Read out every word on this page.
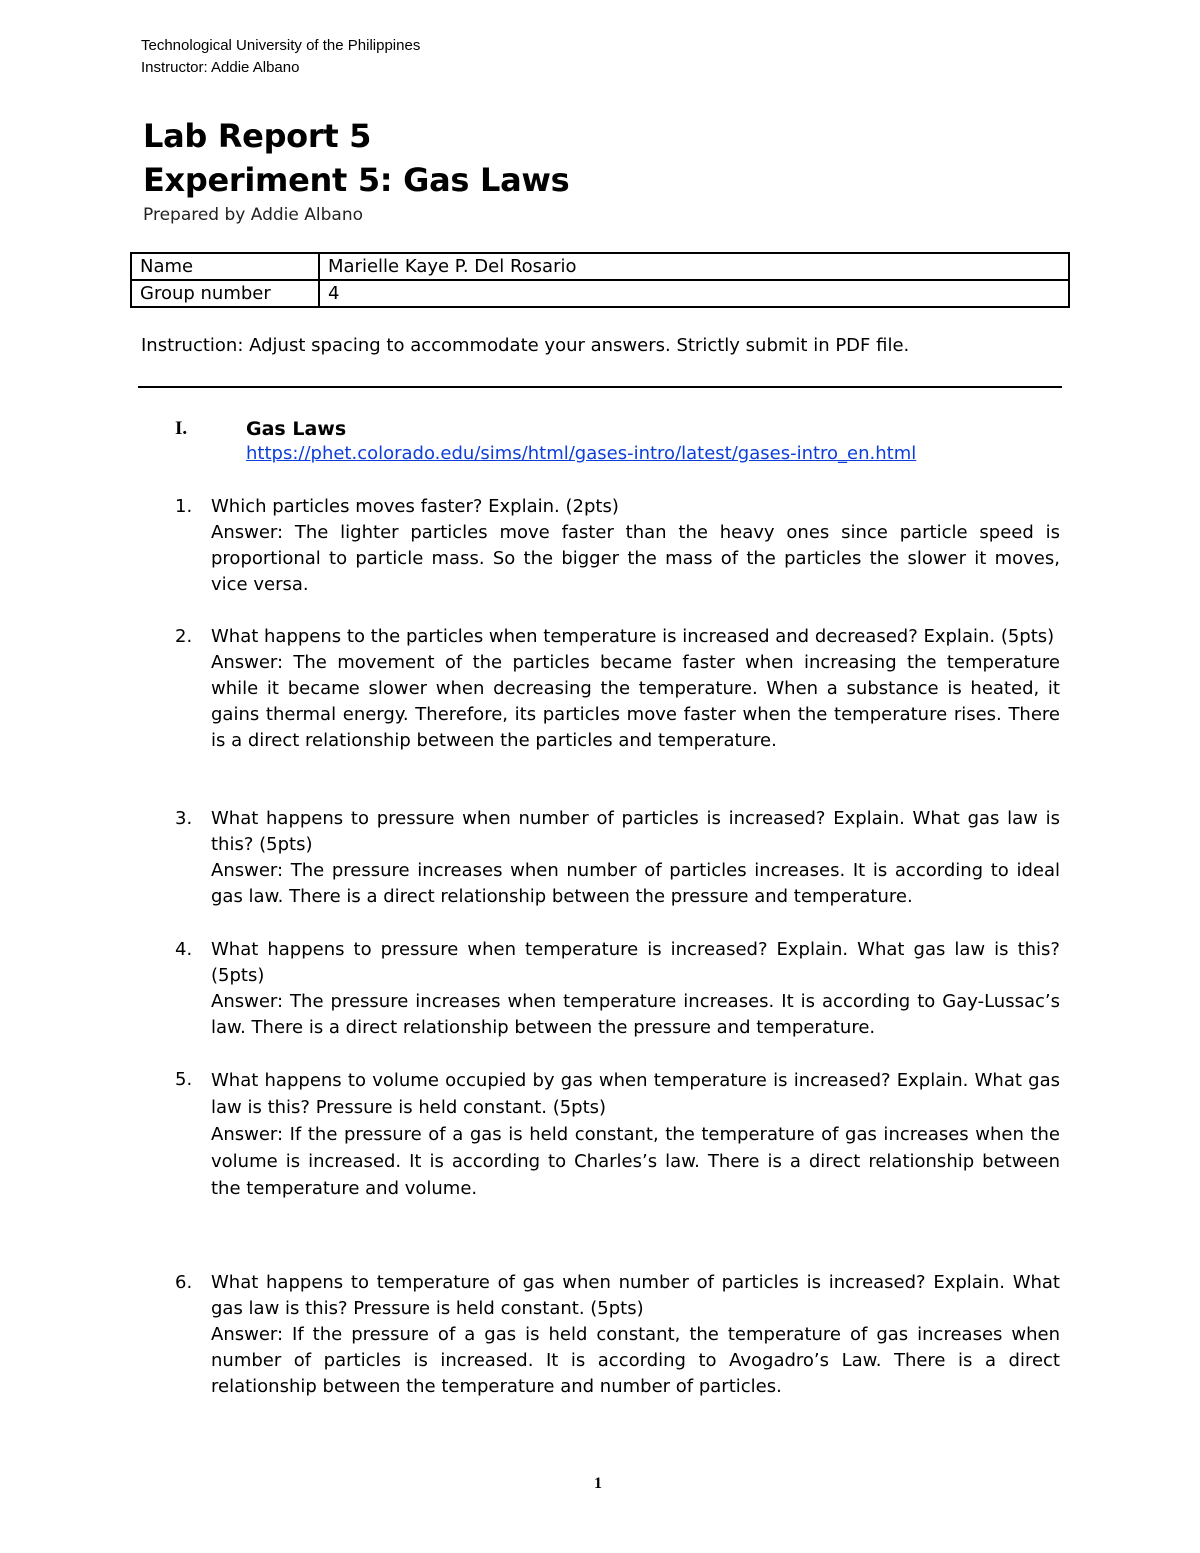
Technological University of the Philippines
Instructor: Addie Albano
Lab Report 5
Experiment 5: Gas Laws
Prepared by Addie Albano
Name	Marielle Kaye P. Del Rosario
Group number	4
Instruction: Adjust spacing to accommodate your answers. Strictly submit in PDF file.
I.	Gas Laws
https://phet.colorado.edu/sims/html/gases-intro/latest/gases-intro_en.html
1.	Which particles moves faster? Explain. (2pts)
Answer: The lighter particles move faster than the heavy ones since particle speed is proportional to particle mass. So the bigger the mass of the particles the slower it moves, vice versa.
2.	What happens to the particles when temperature is increased and decreased? Explain. (5pts)
Answer: The movement of the particles became faster when increasing the temperature while it became slower when decreasing the temperature. When a substance is heated, it gains thermal energy. Therefore, its particles move faster when the temperature rises. There is a direct relationship between the particles and temperature.
3.	What happens to pressure when number of particles is increased? Explain. What gas law is this? (5pts)
Answer: The pressure increases when number of particles increases. It is according to ideal gas law. There is a direct relationship between the pressure and temperature.
4.	What happens to pressure when temperature is increased? Explain. What gas law is this? (5pts)
Answer: The pressure increases when temperature increases. It is according to Gay-Lussac’s law. There is a direct relationship between the pressure and temperature.
5.	What happens to volume occupied by gas when temperature is increased? Explain. What gas law is this? Pressure is held constant. (5pts)
Answer: If the pressure of a gas is held constant, the temperature of gas increases when the volume is increased. It is according to Charles’s law. There is a direct relationship between the temperature and volume.
6.	What happens to temperature of gas when number of particles is increased? Explain. What gas law is this? Pressure is held constant. (5pts)
Answer: If the pressure of a gas is held constant, the temperature of gas increases when number of particles is increased. It is according to Avogadro’s Law. There is a direct relationship between the temperature and number of particles.
1
